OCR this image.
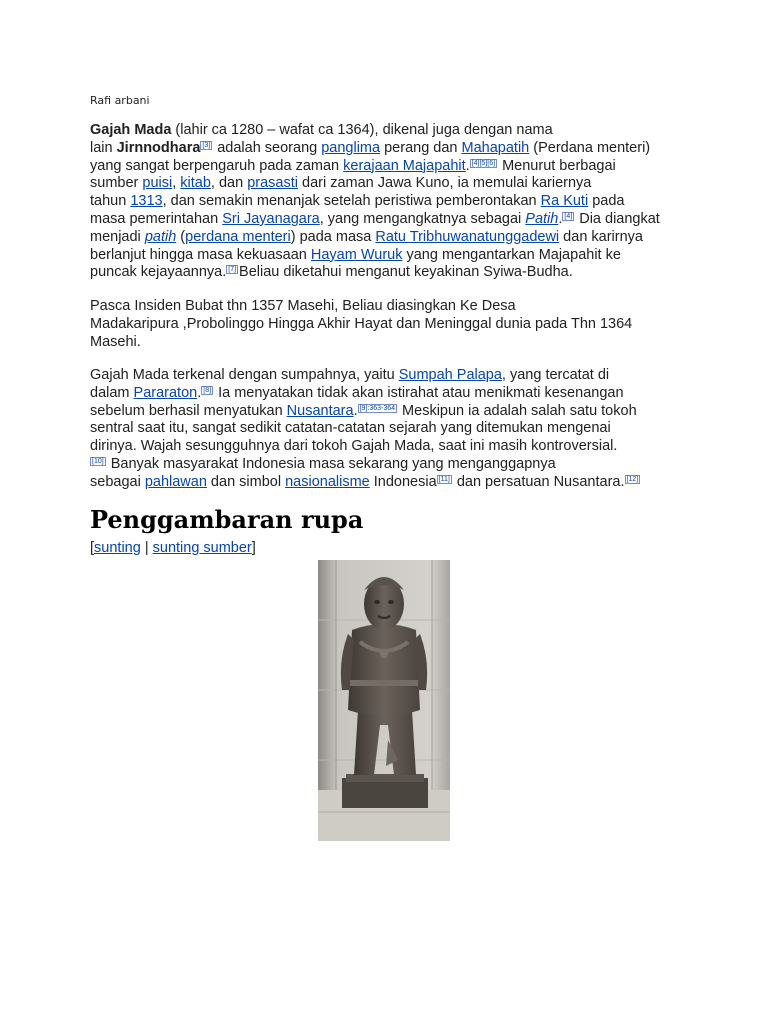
Rafi arbani
Gajah Mada (lahir ca 1280 – wafat ca 1364), dikenal juga dengan nama
lain Jirnnodhara [3] adalah seorang panglima perang dan Mahapatih (Perdana menteri)
yang sangat berpengaruh pada zaman kerajaan Majapahit. [4][5][6] Menurut berbagai
sumber puisi, kitab, dan prasasti dari zaman Jawa Kuno, ia memulai kariernya
tahun 1313, dan semakin menanjak setelah peristiwa pemberontakan Ra Kuti pada
masa pemerintahan Sri Jayanagara, yang mengangkatnya sebagai Patih. [4] Dia diangkat
menjadi patih (perdana menteri) pada masa Ratu Tribhuwanatunggadewi dan karirnya
berlanjut hingga masa kekuasaan Hayam Wuruk yang mengantarkan Majapahit ke
puncak kejayaannya. [7] Beliau diketahui menganut keyakinan Syiwa-Budha.
Pasca Insiden Bubat thn 1357 Masehi, Beliau diasingkan Ke Desa
Madakaripura ,Probolinggo Hingga Akhir Hayat dan Meninggal dunia pada Thn 1364
Masehi.
Gajah Mada terkenal dengan sumpahnya, yaitu Sumpah Palapa, yang tercatat di
dalam Pararaton. [8] Ia menyatakan tidak akan istirahat atau menikmati kesenangan
sebelum berhasil menyatukan Nusantara. $^{[9]:363-364}$ Meskipun ia adalah salah satu tokoh
sentral saat itu, sangat sedikit catatan-catatan sejarah yang ditemukan mengenai
dirinya. Wajah sesungguhnya dari tokoh Gajah Mada, saat ini masih kontroversial.
[10] Banyak masyarakat Indonesia masa sekarang yang menganggapnya
sebagai pahlawan dan simbol nasionalisme Indonesia [11] dan persatuan Nusantara. [12]
Penggambaran rupa
[sunting | sunting sumber]
